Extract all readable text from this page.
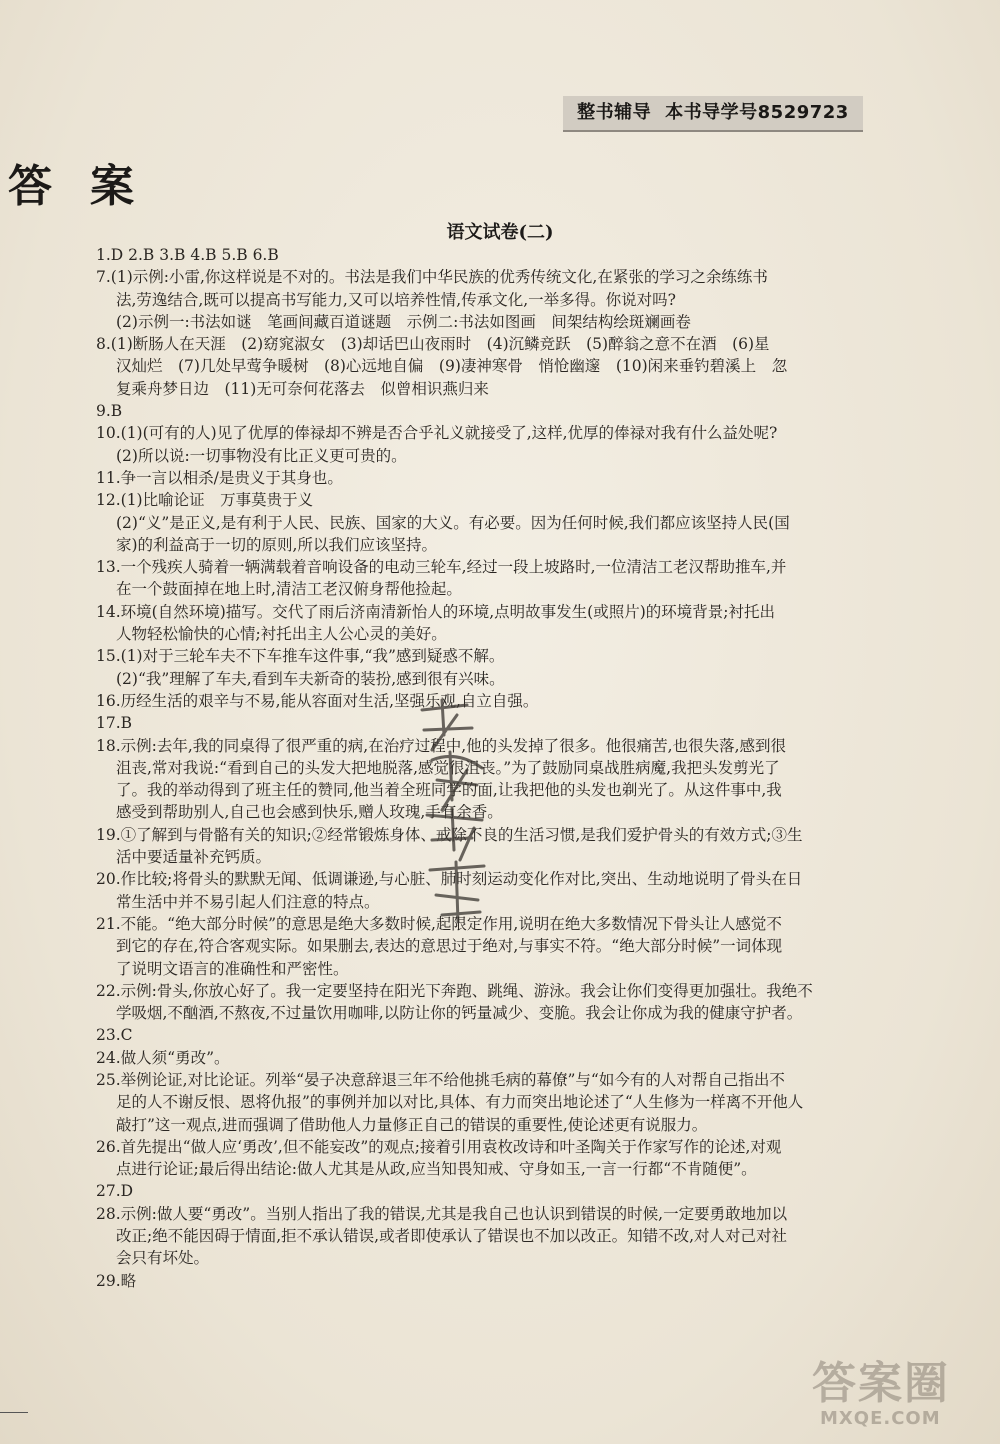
整书辅导 本书导学号8529723
答案
语文试卷(二)
1.D 2.B 3.B 4.B 5.B 6.B
7.(1)示例:小雷,你这样说是不对的。书法是我们中华民族的优秀传统文化,在紧张的学习之余练练书
法,劳逸结合,既可以提高书写能力,又可以培养性情,传承文化,一举多得。你说对吗?
(2)示例一:书法如谜　笔画间藏百道谜题　示例二:书法如图画　间架结构绘斑斓画卷
8.(1)断肠人在天涯　(2)窈窕淑女　(3)却话巴山夜雨时　(4)沉鳞竞跃　(5)醉翁之意不在酒　(6)星
汉灿烂　(7)几处早莺争暖树　(8)心远地自偏　(9)凄神寒骨　悄怆幽邃　(10)闲来垂钓碧溪上　忽
复乘舟梦日边　(11)无可奈何花落去　似曾相识燕归来
9.B
10.(1)(可有的人)见了优厚的俸禄却不辨是否合乎礼义就接受了,这样,优厚的俸禄对我有什么益处呢?
(2)所以说:一切事物没有比正义更可贵的。
11.争一言以相杀/是贵义于其身也。
12.(1)比喻论证　万事莫贵于义
(2)“义”是正义,是有利于人民、民族、国家的大义。有必要。因为任何时候,我们都应该坚持人民(国
家)的利益高于一切的原则,所以我们应该坚持。
13.一个残疾人骑着一辆满载着音响设备的电动三轮车,经过一段上坡路时,一位清洁工老汉帮助推车,并
在一个鼓面掉在地上时,清洁工老汉俯身帮他捡起。
14.环境(自然环境)描写。交代了雨后济南清新怡人的环境,点明故事发生(或照片)的环境背景;衬托出
人物轻松愉快的心情;衬托出主人公心灵的美好。
15.(1)对于三轮车夫不下车推车这件事,“我”感到疑惑不解。
(2)“我”理解了车夫,看到车夫新奇的装扮,感到很有兴味。
16.历经生活的艰辛与不易,能从容面对生活,坚强乐观,自立自强。
17.B
18.示例:去年,我的同桌得了很严重的病,在治疗过程中,他的头发掉了很多。他很痛苦,也很失落,感到很
沮丧,常对我说:“看到自己的头发大把地脱落,感觉很沮丧。”为了鼓励同桌战胜病魔,我把头发剪光了
了。我的举动得到了班主任的赞同,他当着全班同学的面,让我把他的头发也剃光了。从这件事中,我
感受到帮助别人,自己也会感到快乐,赠人玫瑰,手有余香。
19.①了解到与骨骼有关的知识;②经常锻炼身体、戒除不良的生活习惯,是我们爱护骨头的有效方式;③生
活中要适量补充钙质。
20.作比较;将骨头的默默无闻、低调谦逊,与心脏、肺时刻运动变化作对比,突出、生动地说明了骨头在日
常生活中并不易引起人们注意的特点。
21.不能。“绝大部分时候”的意思是绝大多数时候,起限定作用,说明在绝大多数情况下骨头让人感觉不
到它的存在,符合客观实际。如果删去,表达的意思过于绝对,与事实不符。“绝大部分时候”一词体现
了说明文语言的准确性和严密性。
22.示例:骨头,你放心好了。我一定要坚持在阳光下奔跑、跳绳、游泳。我会让你们变得更加强壮。我绝不
学吸烟,不酗酒,不熬夜,不过量饮用咖啡,以防让你的钙量减少、变脆。我会让你成为我的健康守护者。
23.C
24.做人须“勇改”。
25.举例论证,对比论证。列举“晏子决意辞退三年不给他挑毛病的幕僚”与“如今有的人对帮自己指出不
足的人不谢反恨、恩将仇报”的事例并加以对比,具体、有力而突出地论述了“人生修为一样离不开他人
敲打”这一观点,进而强调了借助他人力量修正自己的错误的重要性,使论述更有说服力。
26.首先提出“做人应‘勇改’,但不能妄改”的观点;接着引用袁枚改诗和叶圣陶关于作家写作的论述,对观
点进行论证;最后得出结论:做人尤其是从政,应当知畏知戒、守身如玉,一言一行都“不肯随便”。
27.D
28.示例:做人要“勇改”。当别人指出了我的错误,尤其是我自己也认识到错误的时候,一定要勇敢地加以
改正;绝不能因碍于情面,拒不承认错误,或者即使承认了错误也不加以改正。知错不改,对人对己对社
会只有坏处。
29.略
答案圈
MXQE.COM
